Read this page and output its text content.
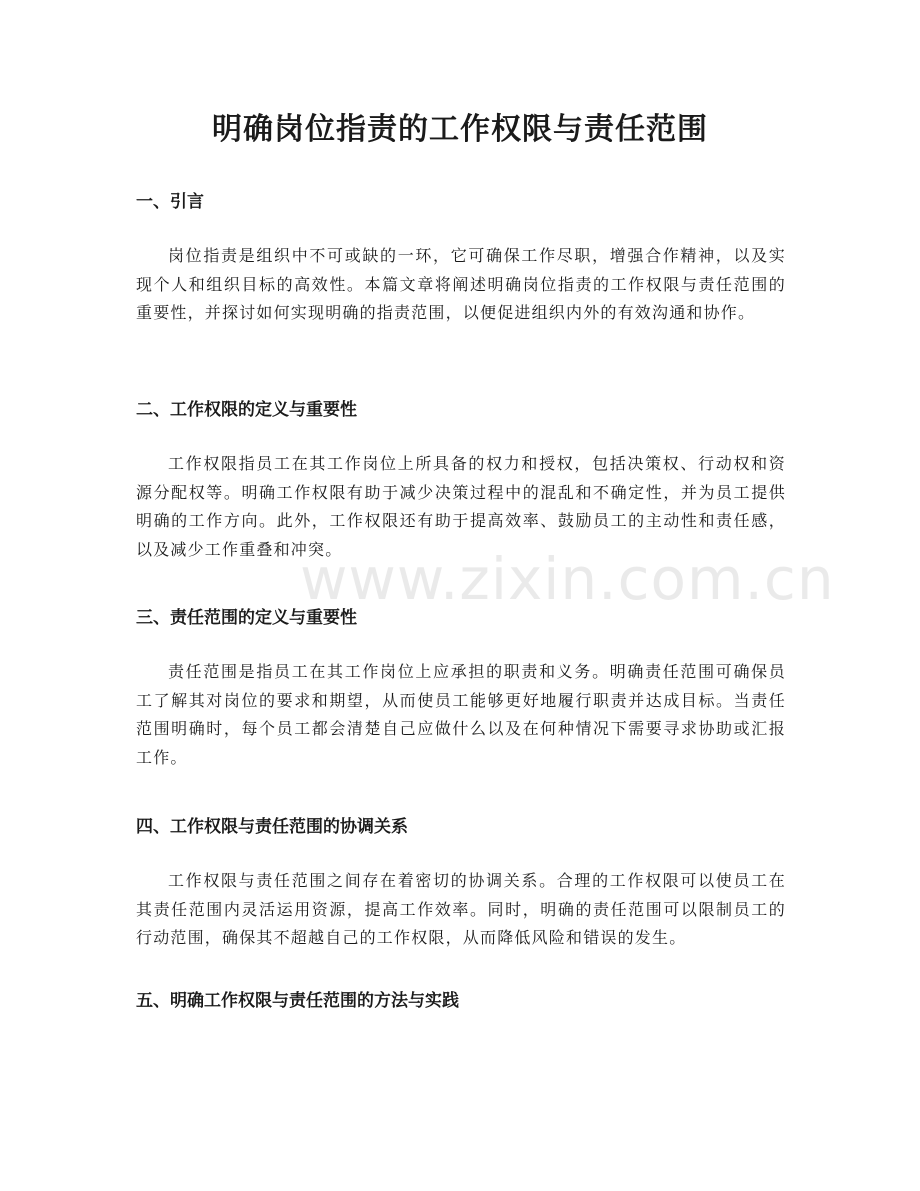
明确岗位指责的工作权限与责任范围
一、引言

岗位指责是组织中不可或缺的一环，它可确保工作尽职，增强合作精神，以及实现个人和组织目标的高效性。本篇文章将阐述明确岗位指责的工作权限与责任范围的重要性，并探讨如何实现明确的指责范围，以便促进组织内外的有效沟通和协作。

二、工作权限的定义与重要性

工作权限指员工在其工作岗位上所具备的权力和授权，包括决策权、行动权和资源分配权等。明确工作权限有助于减少决策过程中的混乱和不确定性，并为员工提供明确的工作方向。此外，工作权限还有助于提高效率、鼓励员工的主动性和责任感，以及减少工作重叠和冲突。

三、责任范围的定义与重要性

责任范围是指员工在其工作岗位上应承担的职责和义务。明确责任范围可确保员工了解其对岗位的要求和期望，从而使员工能够更好地履行职责并达成目标。当责任范围明确时，每个员工都会清楚自己应做什么以及在何种情况下需要寻求协助或汇报工作。

四、工作权限与责任范围的协调关系

工作权限与责任范围之间存在着密切的协调关系。合理的工作权限可以使员工在其责任范围内灵活运用资源，提高工作效率。同时，明确的责任范围可以限制员工的行动范围，确保其不超越自己的工作权限，从而降低风险和错误的发生。

五、明确工作权限与责任范围的方法与实践
www.zixin.com.cn
